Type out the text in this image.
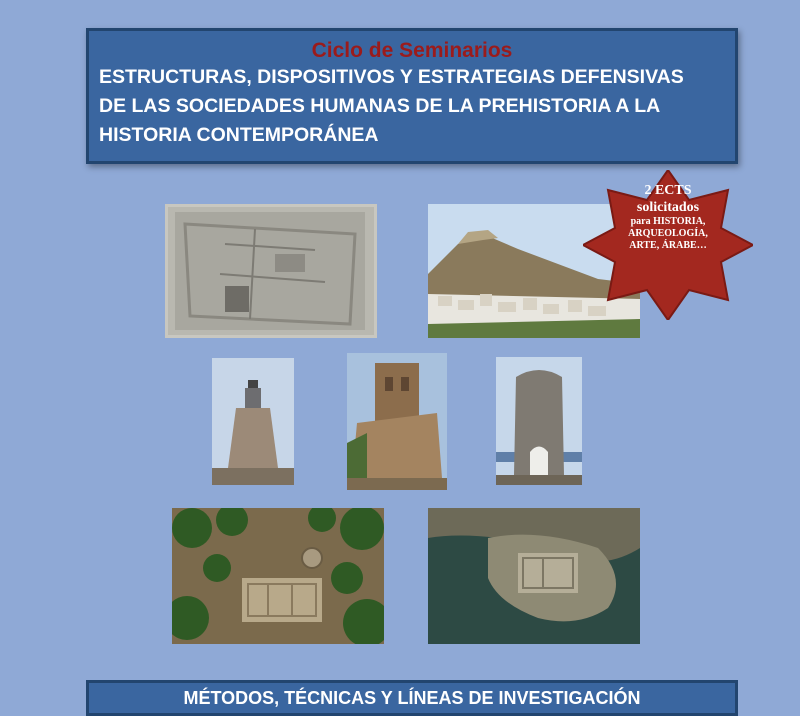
Ciclo de Seminarios
ESTRUCTURAS, DISPOSITIVOS Y ESTRATEGIAS DEFENSIVAS
DE LAS SOCIEDADES HUMANAS DE LA PREHISTORIA A LA
HISTORIA CONTEMPORÁNEA
2 ECTS
solicitados
para HISTORIA,
ARQUEOLOGÍA,
ARTE, ÁRABE…
MÉTODOS, TÉCNICAS Y LÍNEAS DE INVESTIGACIÓN
